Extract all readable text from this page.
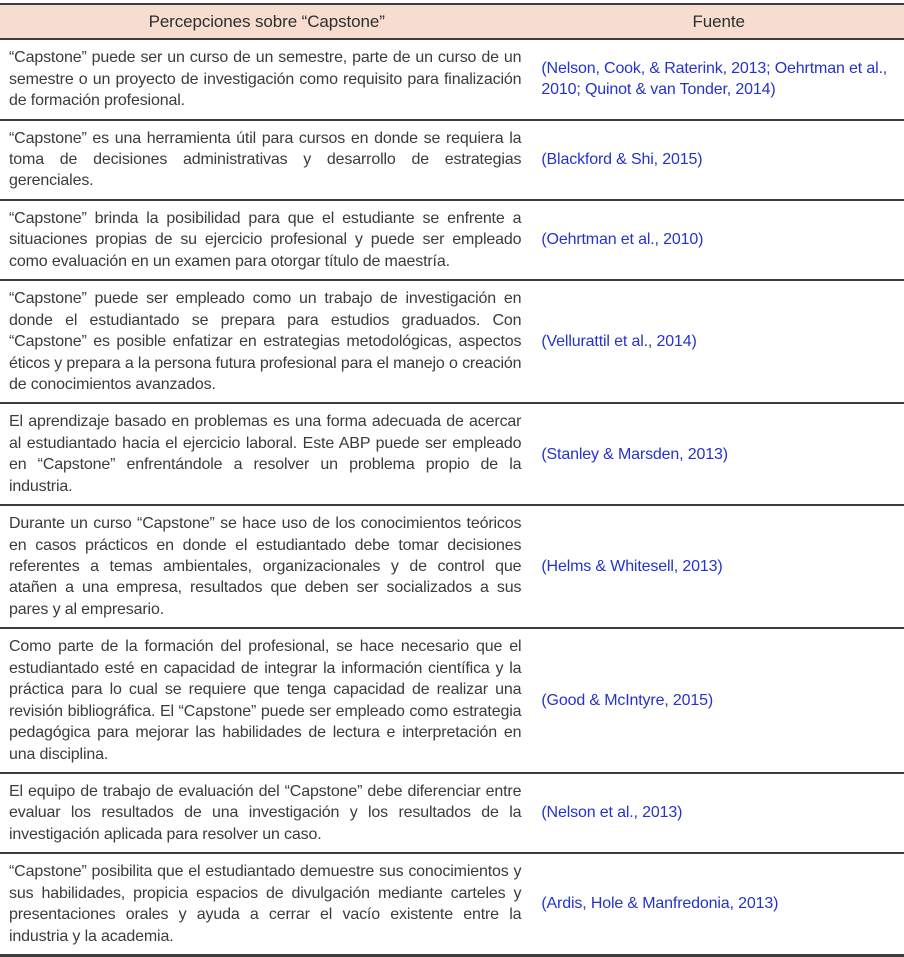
Percepciones sobre “Capstone”	Fuente
“Capstone” puede ser un curso de un semestre, parte de un curso de un semestre o un proyecto de investigación como requisito para finalización de formación profesional.	(Nelson, Cook, & Raterink, 2013; Oehrtman et al., 2010; Quinot & van Tonder, 2014)
“Capstone” es una herramienta útil para cursos en donde se requiera la toma de decisiones administrativas y desarrollo de estrategias gerenciales.	(Blackford & Shi, 2015)
“Capstone” brinda la posibilidad para que el estudiante se enfrente a situaciones propias de su ejercicio profesional y puede ser empleado como evaluación en un examen para otorgar título de maestría.	(Oehrtman et al., 2010)
“Capstone” puede ser empleado como un trabajo de investigación en donde el estudiantado se prepara para estudios graduados. Con “Capstone” es posible enfatizar en estrategias metodológicas, aspectos éticos y prepara a la persona futura profesional para el manejo o creación de conocimientos avanzados.	(Vellurattil et al., 2014)
El aprendizaje basado en problemas es una forma adecuada de acercar al estudiantado hacia el ejercicio laboral. Este ABP puede ser empleado en “Capstone” enfrentándole a resolver un problema propio de la industria.	(Stanley & Marsden, 2013)
Durante un curso “Capstone” se hace uso de los conocimientos teóricos en casos prácticos en donde el estudiantado debe tomar decisiones referentes a temas ambientales, organizacionales y de control que atañen a una empresa, resultados que deben ser socializados a sus pares y al empresario.	(Helms & Whitesell, 2013)
Como parte de la formación del profesional, se hace necesario que el estudiantado esté en capacidad de integrar la información científica y la práctica para lo cual se requiere que tenga capacidad de realizar una revisión bibliográfica. El “Capstone” puede ser empleado como estrategia pedagógica para mejorar las habilidades de lectura e interpretación en una disciplina.	(Good & McIntyre, 2015)
El equipo de trabajo de evaluación del “Capstone” debe diferenciar entre evaluar los resultados de una investigación y los resultados de la investigación aplicada para resolver un caso.	(Nelson et al., 2013)
“Capstone” posibilita que el estudiantado demuestre sus conocimientos y sus habilidades, propicia espacios de divulgación mediante carteles y presentaciones orales y ayuda a cerrar el vacío existente entre la industria y la academia.	(Ardis, Hole & Manfredonia, 2013)
